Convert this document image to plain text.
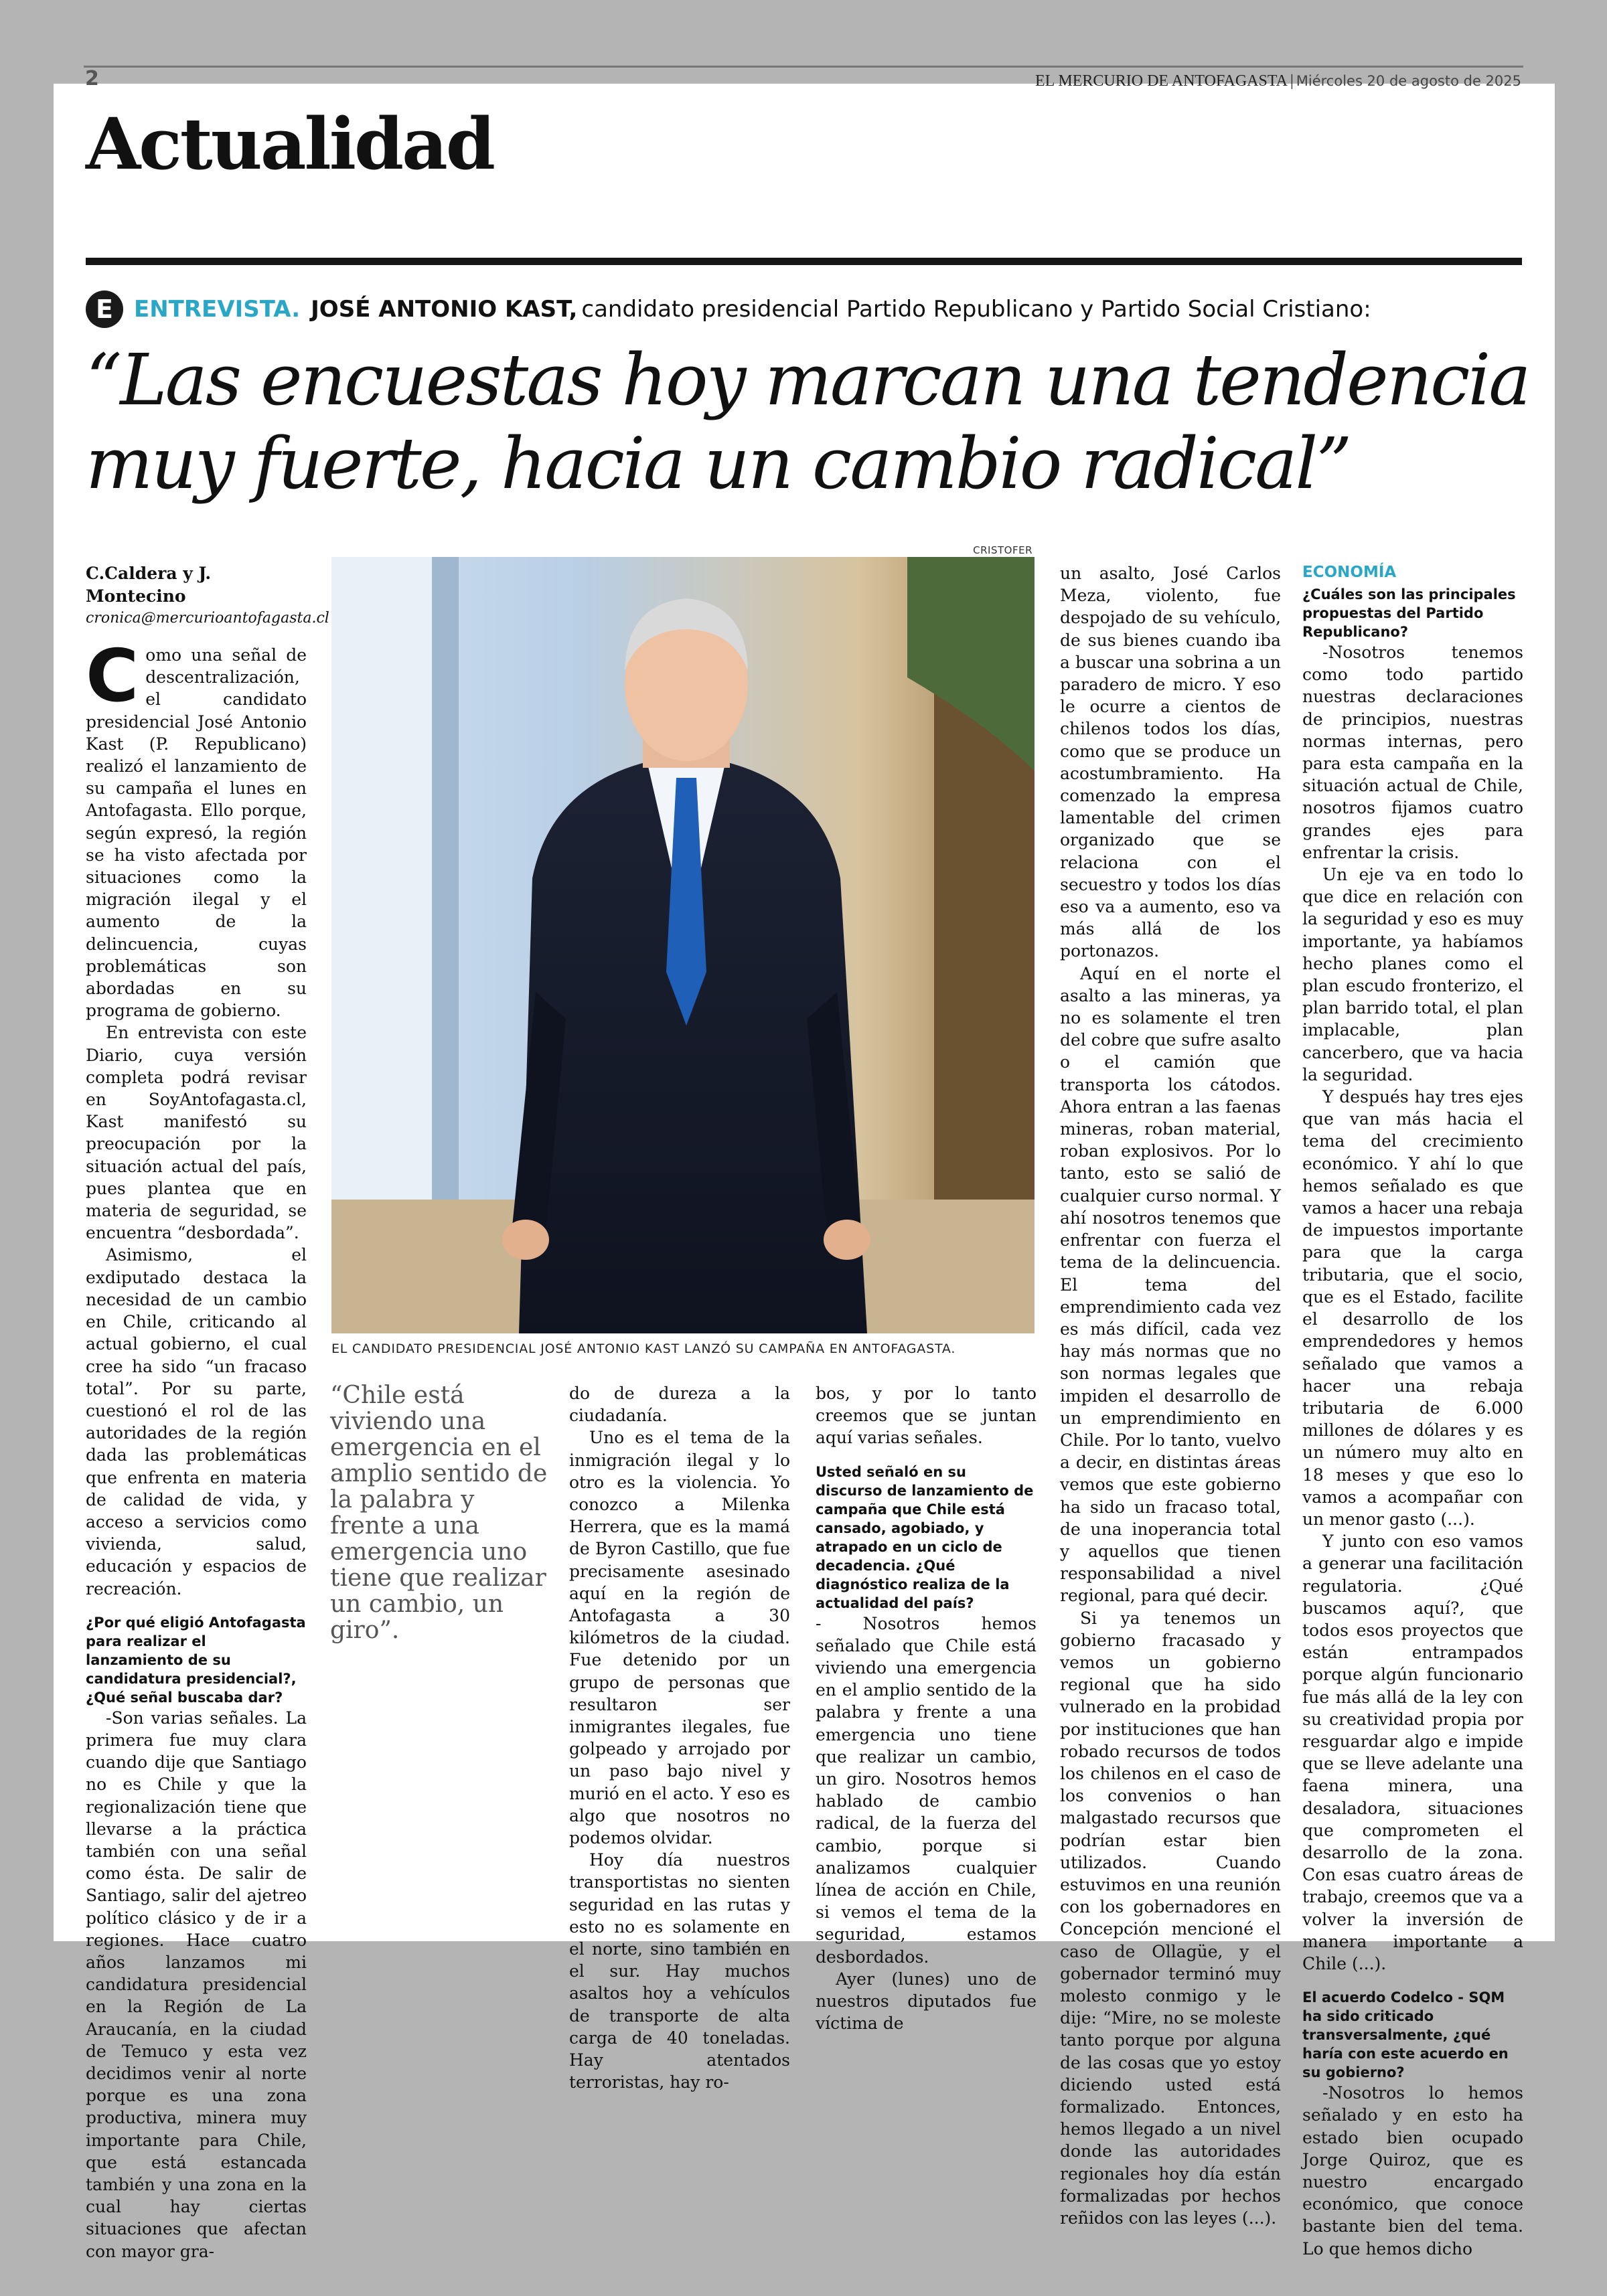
2	EL MERCURIO DE ANTOFAGASTA | Miércoles 20 de agosto de 2025
Actualidad
E ENTREVISTA. JOSÉ ANTONIO KAST, candidato presidencial Partido Republicano y Partido Social Cristiano:
“Las encuestas hoy marcan una tendencia
muy fuerte, hacia un cambio radical”

C.Caldera y J. Montecino

cronica@mercurioantofagasta.cl

Como una señal de descentralización, el candidato presidencial José Antonio Kast (P. Republicano) realizó el lanzamiento de su campaña el lunes en Antofagasta. Ello porque, según expresó, la región se ha visto afectada por situaciones como la migración ilegal y el aumento de la delincuencia, cuyas problemáticas son abordadas en su programa de gobierno.

En entrevista con este Diario, cuya versión completa podrá revisar en SoyAntofagasta.cl, Kast manifestó su preocupación por la situación actual del país, pues plantea que en materia de seguridad, se encuentra “desbordada”.

Asimismo, el exdiputado destaca la necesidad de un cambio en Chile, criticando al actual gobierno, el cual cree ha sido “un fracaso total”. Por su parte, cuestionó el rol de las autoridades de la región dada las problemáticas que enfrenta en materia de calidad de vida, y acceso a servicios como vivienda, salud, educación y espacios de recreación.

¿Por qué eligió Antofagasta para realizar el lanzamiento de su candidatura presidencial?, ¿Qué señal buscaba dar?

-Son varias señales. La primera fue muy clara cuando dije que Santiago no es Chile y que la regionalización tiene que llevarse a la práctica también con una señal como ésta. De salir de Santiago, salir del ajetreo político clásico y de ir a regiones. Hace cuatro años lanzamos mi candidatura presidencial en la Región de La Araucanía, en la ciudad de Temuco y esta vez decidimos venir al norte porque es una zona productiva, minera muy importante para Chile, que está estancada también y una zona en la cual hay ciertas situaciones que afectan con mayor gra-

CRISTOFER
EL CANDIDATO PRESIDENCIAL JOSÉ ANTONIO KAST LANZÓ SU CAMPAÑA EN ANTOFAGASTA.
“Chile está viviendo una emergencia en el amplio sentido de la palabra y frente a una emergencia uno tiene que realizar un cambio, un giro”.

do de dureza a la ciudadanía.

Uno es el tema de la inmigración ilegal y lo otro es la violencia. Yo conozco a Milenka Herrera, que es la mamá de Byron Castillo, que fue precisamente asesinado aquí en la región de Antofagasta a 30 kilómetros de la ciudad. Fue detenido por un grupo de personas que resultaron ser inmigrantes ilegales, fue golpeado y arrojado por un paso bajo nivel y murió en el acto. Y eso es algo que nosotros no podemos olvidar.

Hoy día nuestros transportistas no sienten seguridad en las rutas y esto no es solamente en el norte, sino también en el sur. Hay muchos asaltos hoy a vehículos de transporte de alta carga de 40 toneladas. Hay atentados terroristas, hay ro-

bos, y por lo tanto creemos que se juntan aquí varias señales.

Usted señaló en su discurso de lanzamiento de campaña que Chile está cansado, agobiado, y atrapado en un ciclo de decadencia. ¿Qué diagnóstico realiza de la actualidad del país?

- Nosotros hemos señalado que Chile está viviendo una emergencia en el amplio sentido de la palabra y frente a una emergencia uno tiene que realizar un cambio, un giro. Nosotros hemos hablado de cambio radical, de la fuerza del cambio, porque si analizamos cualquier línea de acción en Chile, si vemos el tema de la seguridad, estamos desbordados.

Ayer (lunes) uno de nuestros diputados fue víctima de

un asalto, José Carlos Meza, violento, fue despojado de su vehículo, de sus bienes cuando iba a buscar una sobrina a un paradero de micro. Y eso le ocurre a cientos de chilenos todos los días, como que se produce un acostumbramiento. Ha comenzado la empresa lamentable del crimen organizado que se relaciona con el secuestro y todos los días eso va a aumento, eso va más allá de los portonazos.

Aquí en el norte el asalto a las mineras, ya no es solamente el tren del cobre que sufre asalto o el camión que transporta los cátodos. Ahora entran a las faenas mineras, roban material, roban explosivos. Por lo tanto, esto se salió de cualquier curso normal. Y ahí nosotros tenemos que enfrentar con fuerza el tema de la delincuencia. El tema del emprendimiento cada vez es más difícil, cada vez hay más normas que no son normas legales que impiden el desarrollo de un emprendimiento en Chile. Por lo tanto, vuelvo a decir, en distintas áreas vemos que este gobierno ha sido un fracaso total, de una inoperancia total y aquellos que tienen responsabilidad a nivel regional, para qué decir.

Si ya tenemos un gobierno fracasado y vemos un gobierno regional que ha sido vulnerado en la probidad por instituciones que han robado recursos de todos los chilenos en el caso de los convenios o han malgastado recursos que podrían estar bien utilizados. Cuando estuvimos en una reunión con los gobernadores en Concepción mencioné el caso de Ollagüe, y el gobernador terminó muy molesto conmigo y le dije: “Mire, no se moleste tanto porque por alguna de las cosas que yo estoy diciendo usted está formalizado. Entonces, hemos llegado a un nivel donde las autoridades regionales hoy día están formalizadas por hechos reñidos con las leyes (...).

ECONOMÍA

¿Cuáles son las principales propuestas del Partido Republicano?

-Nosotros tenemos como todo partido nuestras declaraciones de principios, nuestras normas internas, pero para esta campaña en la situación actual de Chile, nosotros fijamos cuatro grandes ejes para enfrentar la crisis.

Un eje va en todo lo que dice en relación con la seguridad y eso es muy importante, ya habíamos hecho planes como el plan escudo fronterizo, el plan barrido total, el plan implacable, plan cancerbero, que va hacia la seguridad.

Y después hay tres ejes que van más hacia el tema del crecimiento económico. Y ahí lo que hemos señalado es que vamos a hacer una rebaja de impuestos importante para que la carga tributaria, que el socio, que es el Estado, facilite el desarrollo de los emprendedores y hemos señalado que vamos a hacer una rebaja tributaria de 6.000 millones de dólares y es un número muy alto en 18 meses y que eso lo vamos a acompañar con un menor gasto (...).

Y junto con eso vamos a generar una facilitación regulatoria. ¿Qué buscamos aquí?, que todos esos proyectos que están entrampados porque algún funcionario fue más allá de la ley con su creatividad propia por resguardar algo e impide que se lleve adelante una faena minera, una desaladora, situaciones que comprometen el desarrollo de la zona. Con esas cuatro áreas de trabajo, creemos que va a volver la inversión de manera importante a Chile (...).

El acuerdo Codelco - SQM ha sido criticado transversalmente, ¿qué haría con este acuerdo en su gobierno?

-Nosotros lo hemos señalado y en esto ha estado bien ocupado Jorge Quiroz, que es nuestro encargado económico, que conoce bastante bien del tema. Lo que hemos dicho
